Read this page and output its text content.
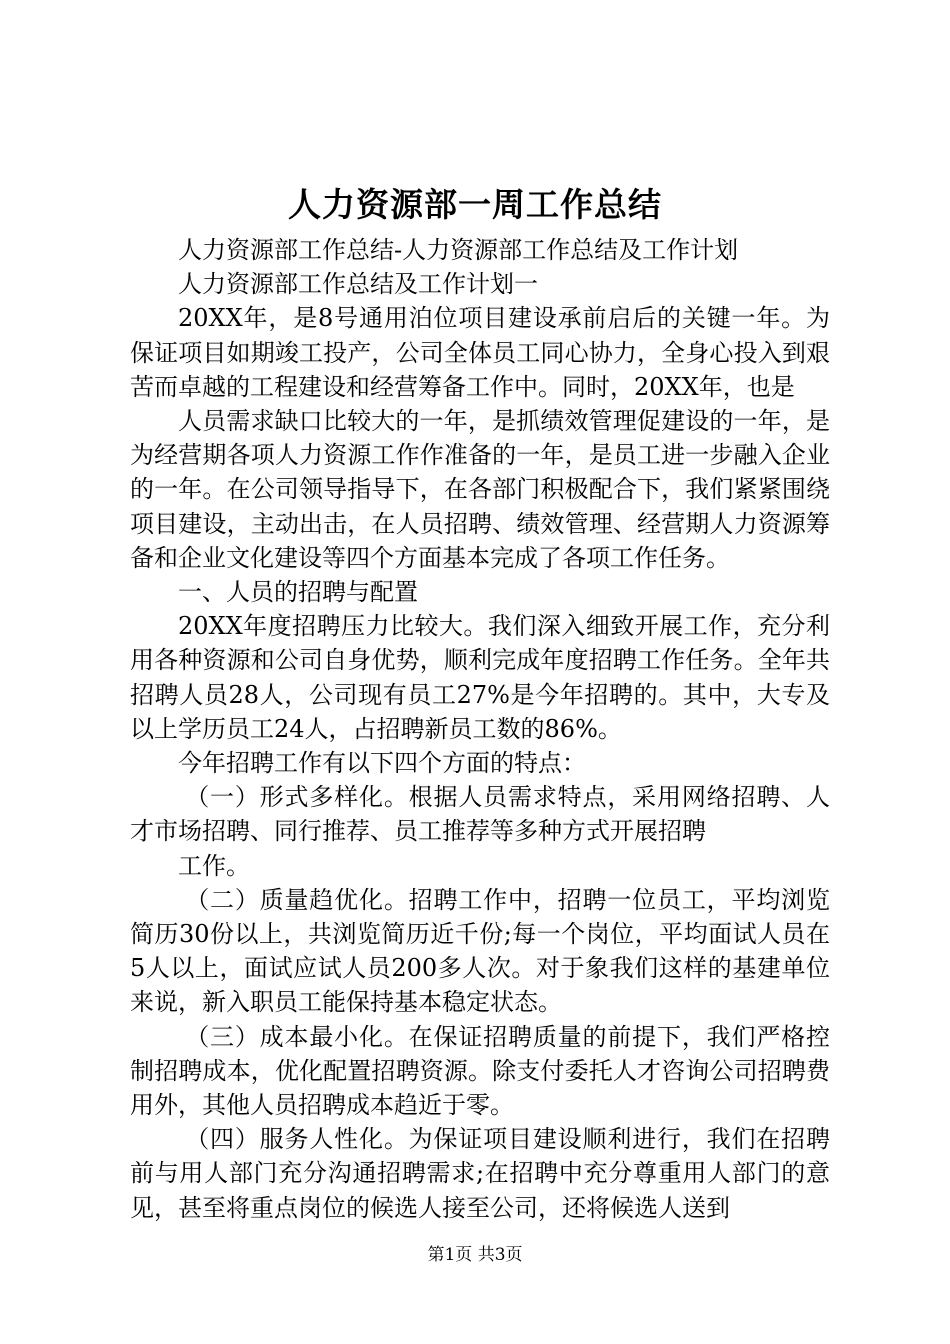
人力资源部一周工作总结

人力资源部工作总结-人力资源部工作总结及工作计划

人力资源部工作总结及工作计划一

20XX年，是8号通用泊位项目建设承前启后的关键一年。为保证项目如期竣工投产，公司全体员工同心协力，全身心投入到艰苦而卓越的工程建设和经营筹备工作中。同时，20XX年，也是

人员需求缺口比较大的一年，是抓绩效管理促建设的一年，是为经营期各项人力资源工作作准备的一年，是员工进一步融入企业的一年。在公司领导指导下，在各部门积极配合下，我们紧紧围绕项目建设，主动出击，在人员招聘、绩效管理、经营期人力资源筹备和企业文化建设等四个方面基本完成了各项工作任务。

一、人员的招聘与配置

20XX年度招聘压力比较大。我们深入细致开展工作，充分利用各种资源和公司自身优势，顺利完成年度招聘工作任务。全年共招聘人员28人，公司现有员工27%是今年招聘的。其中，大专及以上学历员工24人，占招聘新员工数的86%。

今年招聘工作有以下四个方面的特点：

（一）形式多样化。根据人员需求特点，采用网络招聘、人才市场招聘、同行推荐、员工推荐等多种方式开展招聘

工作。

（二）质量趋优化。招聘工作中，招聘一位员工，平均浏览简历30份以上，共浏览简历近千份;每一个岗位，平均面试人员在5人以上，面试应试人员200多人次。对于象我们这样的基建单位来说，新入职员工能保持基本稳定状态。

（三）成本最小化。在保证招聘质量的前提下，我们严格控制招聘成本，优化配置招聘资源。除支付委托人才咨询公司招聘费用外，其他人员招聘成本趋近于零。

（四）服务人性化。为保证项目建设顺利进行，我们在招聘前与用人部门充分沟通招聘需求;在招聘中充分尊重用人部门的意见，甚至将重点岗位的候选人接至公司，还将候选人送到

第1页 共3页
